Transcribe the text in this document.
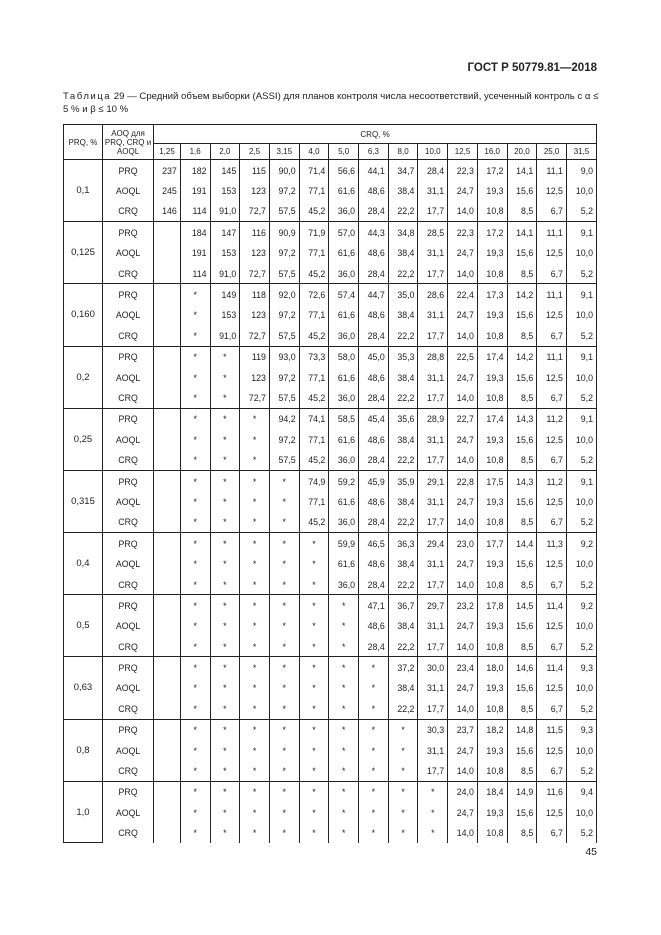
ГОСТ Р 50779.81—2018
Таблица 29 — Средний объем выборки (ASSI) для планов контроля числа несоответствий, усеченный контроль с α ≤ 5 % и β ≤ 10 %
PRQ, %	AOQ для PRQ, CRQ и AOQL	CRQ, %														
		1,25	1,6	2,0	2,5	3,15	4,0	5,0	6,3	8,0	10,0	12,5	16,0	20,0	25,0	31,5
0,1	PRQ	237	182	145	115	90,0	71,4	56,6	44,1	34,7	28,4	22,3	17,2	14,1	11,1	9,0
	AOQL	245	191	153	123	97,2	77,1	61,6	48,6	38,4	31,1	24,7	19,3	15,6	12,5	10,0
	CRQ	146	114	91,0	72,7	57,5	45,2	36,0	28,4	22,2	17,7	14,0	10,8	8,5	6,7	5,2
0,125	PRQ		184	147	116	90,9	71,9	57,0	44,3	34,8	28,5	22,3	17,2	14,1	11,1	9,1
	AOQL		191	153	123	97,2	77,1	61,6	48,6	38,4	31,1	24,7	19,3	15,6	12,5	10,0
	CRQ		114	91,0	72,7	57,5	45,2	36,0	28,4	22,2	17,7	14,0	10,8	8,5	6,7	5,2
0,160	PRQ		*	149	118	92,0	72,6	57,4	44,7	35,0	28,6	22,4	17,3	14,2	11,1	9,1
	AOQL		*	153	123	97,2	77,1	61,6	48,6	38,4	31,1	24,7	19,3	15,6	12,5	10,0
	CRQ		*	91,0	72,7	57,5	45,2	36,0	28,4	22,2	17,7	14,0	10,8	8,5	6,7	5,2
0,2	PRQ		*	*	119	93,0	73,3	58,0	45,0	35,3	28,8	22,5	17,4	14,2	11,1	9,1
	AOQL		*	*	123	97,2	77,1	61,6	48,6	38,4	31,1	24,7	19,3	15,6	12,5	10,0
	CRQ		*	*	72,7	57,5	45,2	36,0	28,4	22,2	17,7	14,0	10,8	8,5	6,7	5,2
0,25	PRQ		*	*	*	94,2	74,1	58,5	45,4	35,6	28,9	22,7	17,4	14,3	11,2	9,1
	AOQL		*	*	*	97,2	77,1	61,6	48,6	38,4	31,1	24,7	19,3	15,6	12,5	10,0
	CRQ		*	*	*	57,5	45,2	36,0	28,4	22,2	17,7	14,0	10,8	8,5	6,7	5,2
0,315	PRQ		*	*	*	*	74,9	59,2	45,9	35,9	29,1	22,8	17,5	14,3	11,2	9,1
	AOQL		*	*	*	*	77,1	61,6	48,6	38,4	31,1	24,7	19,3	15,6	12,5	10,0
	CRQ		*	*	*	*	45,2	36,0	28,4	22,2	17,7	14,0	10,8	8,5	6,7	5,2
0,4	PRQ		*	*	*	*	*	59,9	46,5	36,3	29,4	23,0	17,7	14,4	11,3	9,2
	AOQL		*	*	*	*	*	61,6	48,6	38,4	31,1	24,7	19,3	15,6	12,5	10,0
	CRQ		*	*	*	*	*	36,0	28,4	22,2	17,7	14,0	10,8	8,5	6,7	5,2
0,5	PRQ		*	*	*	*	*	*	47,1	36,7	29,7	23,2	17,8	14,5	11,4	9,2
	AOQL		*	*	*	*	*	*	48,6	38,4	31,1	24,7	19,3	15,6	12,5	10,0
	CRQ		*	*	*	*	*	*	28,4	22,2	17,7	14,0	10,8	8,5	6,7	5,2
0,63	PRQ		*	*	*	*	*	*	*	37,2	30,0	23,4	18,0	14,6	11,4	9,3
	AOQL		*	*	*	*	*	*	*	38,4	31,1	24,7	19,3	15,6	12,5	10,0
	CRQ		*	*	*	*	*	*	*	22,2	17,7	14,0	10,8	8,5	6,7	5,2
0,8	PRQ		*	*	*	*	*	*	*	*	30,3	23,7	18,2	14,8	11,5	9,3
	AOQL		*	*	*	*	*	*	*	*	31,1	24,7	19,3	15,6	12,5	10,0
	CRQ		*	*	*	*	*	*	*	*	17,7	14,0	10,8	8,5	6,7	5,2
1,0	PRQ		*	*	*	*	*	*	*	*	*	24,0	18,4	14,9	11,6	9,4
	AOQL		*	*	*	*	*	*	*	*	*	24,7	19,3	15,6	12,5	10,0
	CRQ		*	*	*	*	*	*	*	*	*	14,0	10,8	8,5	6,7	5,2
45
